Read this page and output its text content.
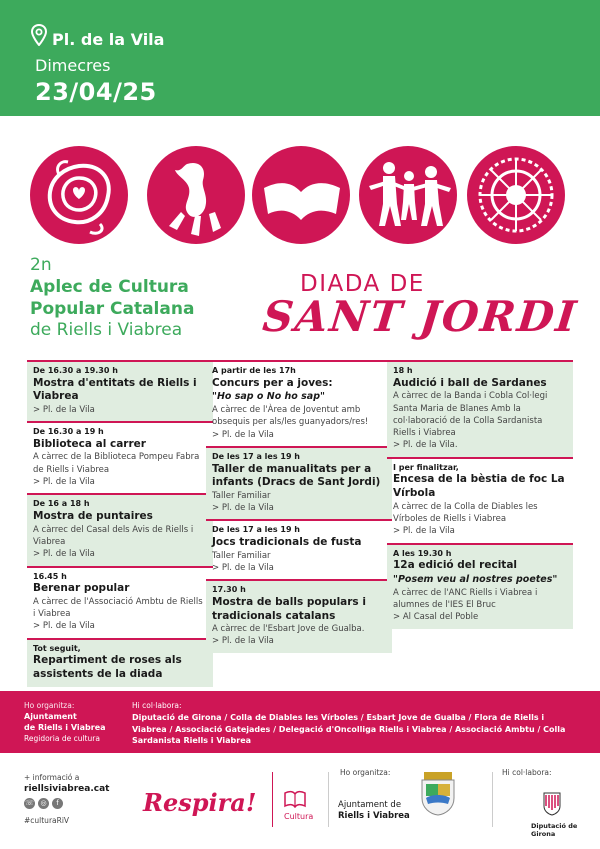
Pl. de la Vila
Dimecres
23/04/25
2n
Aplec de Cultura
Popular Catalana
de Riells i Viabrea
DIADA DE
SANT JORDI
De 16.30 a 19.30 h
Mostra d'entitats de Riells i Viabrea
> Pl. de la Vila
De 16.30 a 19 h
Biblioteca al carrer
A càrrec de la Biblioteca Pompeu Fabra de Riells i Viabrea
> Pl. de la Vila
De 16 a 18 h
Mostra de puntaires
A càrrec del Casal dels Avis de Riells i Viabrea
> Pl. de la Vila
16.45 h
Berenar popular
A càrrec de l'Associació Ambtu de Riells i Viabrea
> Pl. de la Vila
Tot seguit,
Repartiment de roses als assistents de la diada
A partir de les 17h
Concurs per a joves:
"Ho sap o No ho sap"
A càrrec de l'Àrea de Joventut amb obsequis per als/les guanyadors/res!
> Pl. de la Vila
De les 17 a les 19 h
Taller de manualitats per a infants (Dracs de Sant Jordi)
Taller Familiar
> Pl. de la Vila
De les 17 a les 19 h
Jocs tradicionals de fusta
Taller Familiar
> Pl. de la Vila
17.30 h
Mostra de balls populars i tradicionals catalans
A càrrec de l'Esbart Jove de Gualba.
> Pl. de la Vila
18 h
Audició i ball de Sardanes
A càrrec de la Banda i Cobla Col·legi Santa Maria de Blanes Amb la col·laboració de la Colla Sardanista Riells i Viabrea
> Pl. de la Vila.
I per finalitzar,
Encesa de la bèstia de foc La Vírbola
A càrrec de la Colla de Diables les Vírboles de Riells i Viabrea
> Pl. de la Vila
A les 19.30 h
12a edició del recital
"Posem veu al nostres poetes"
A càrrec de l'ANC Riells i Viabrea i alumnes de l'IES El Bruc
> Al Casal del Poble
Ho organitza:
Ajuntament
de Riells i Viabrea
Regidoria de cultura
Hi col·labora:
Diputació de Girona / Colla de Diables les Vírboles / Esbart Jove de Gualba / Flora de Riells i Viabrea / Associació Gatejades / Delegació d'Oncolliga Riells i Viabrea / Associació Ambtu / Colla Sardanista Riells i Viabrea
+ informació a
riellsiviabrea.cat
☏ ◎	f
#culturaRiV
Respira!	Cultura
Ho organitza:
Ajuntament de
Riells i Viabrea
Hi col·labora:
Diputació de Girona
